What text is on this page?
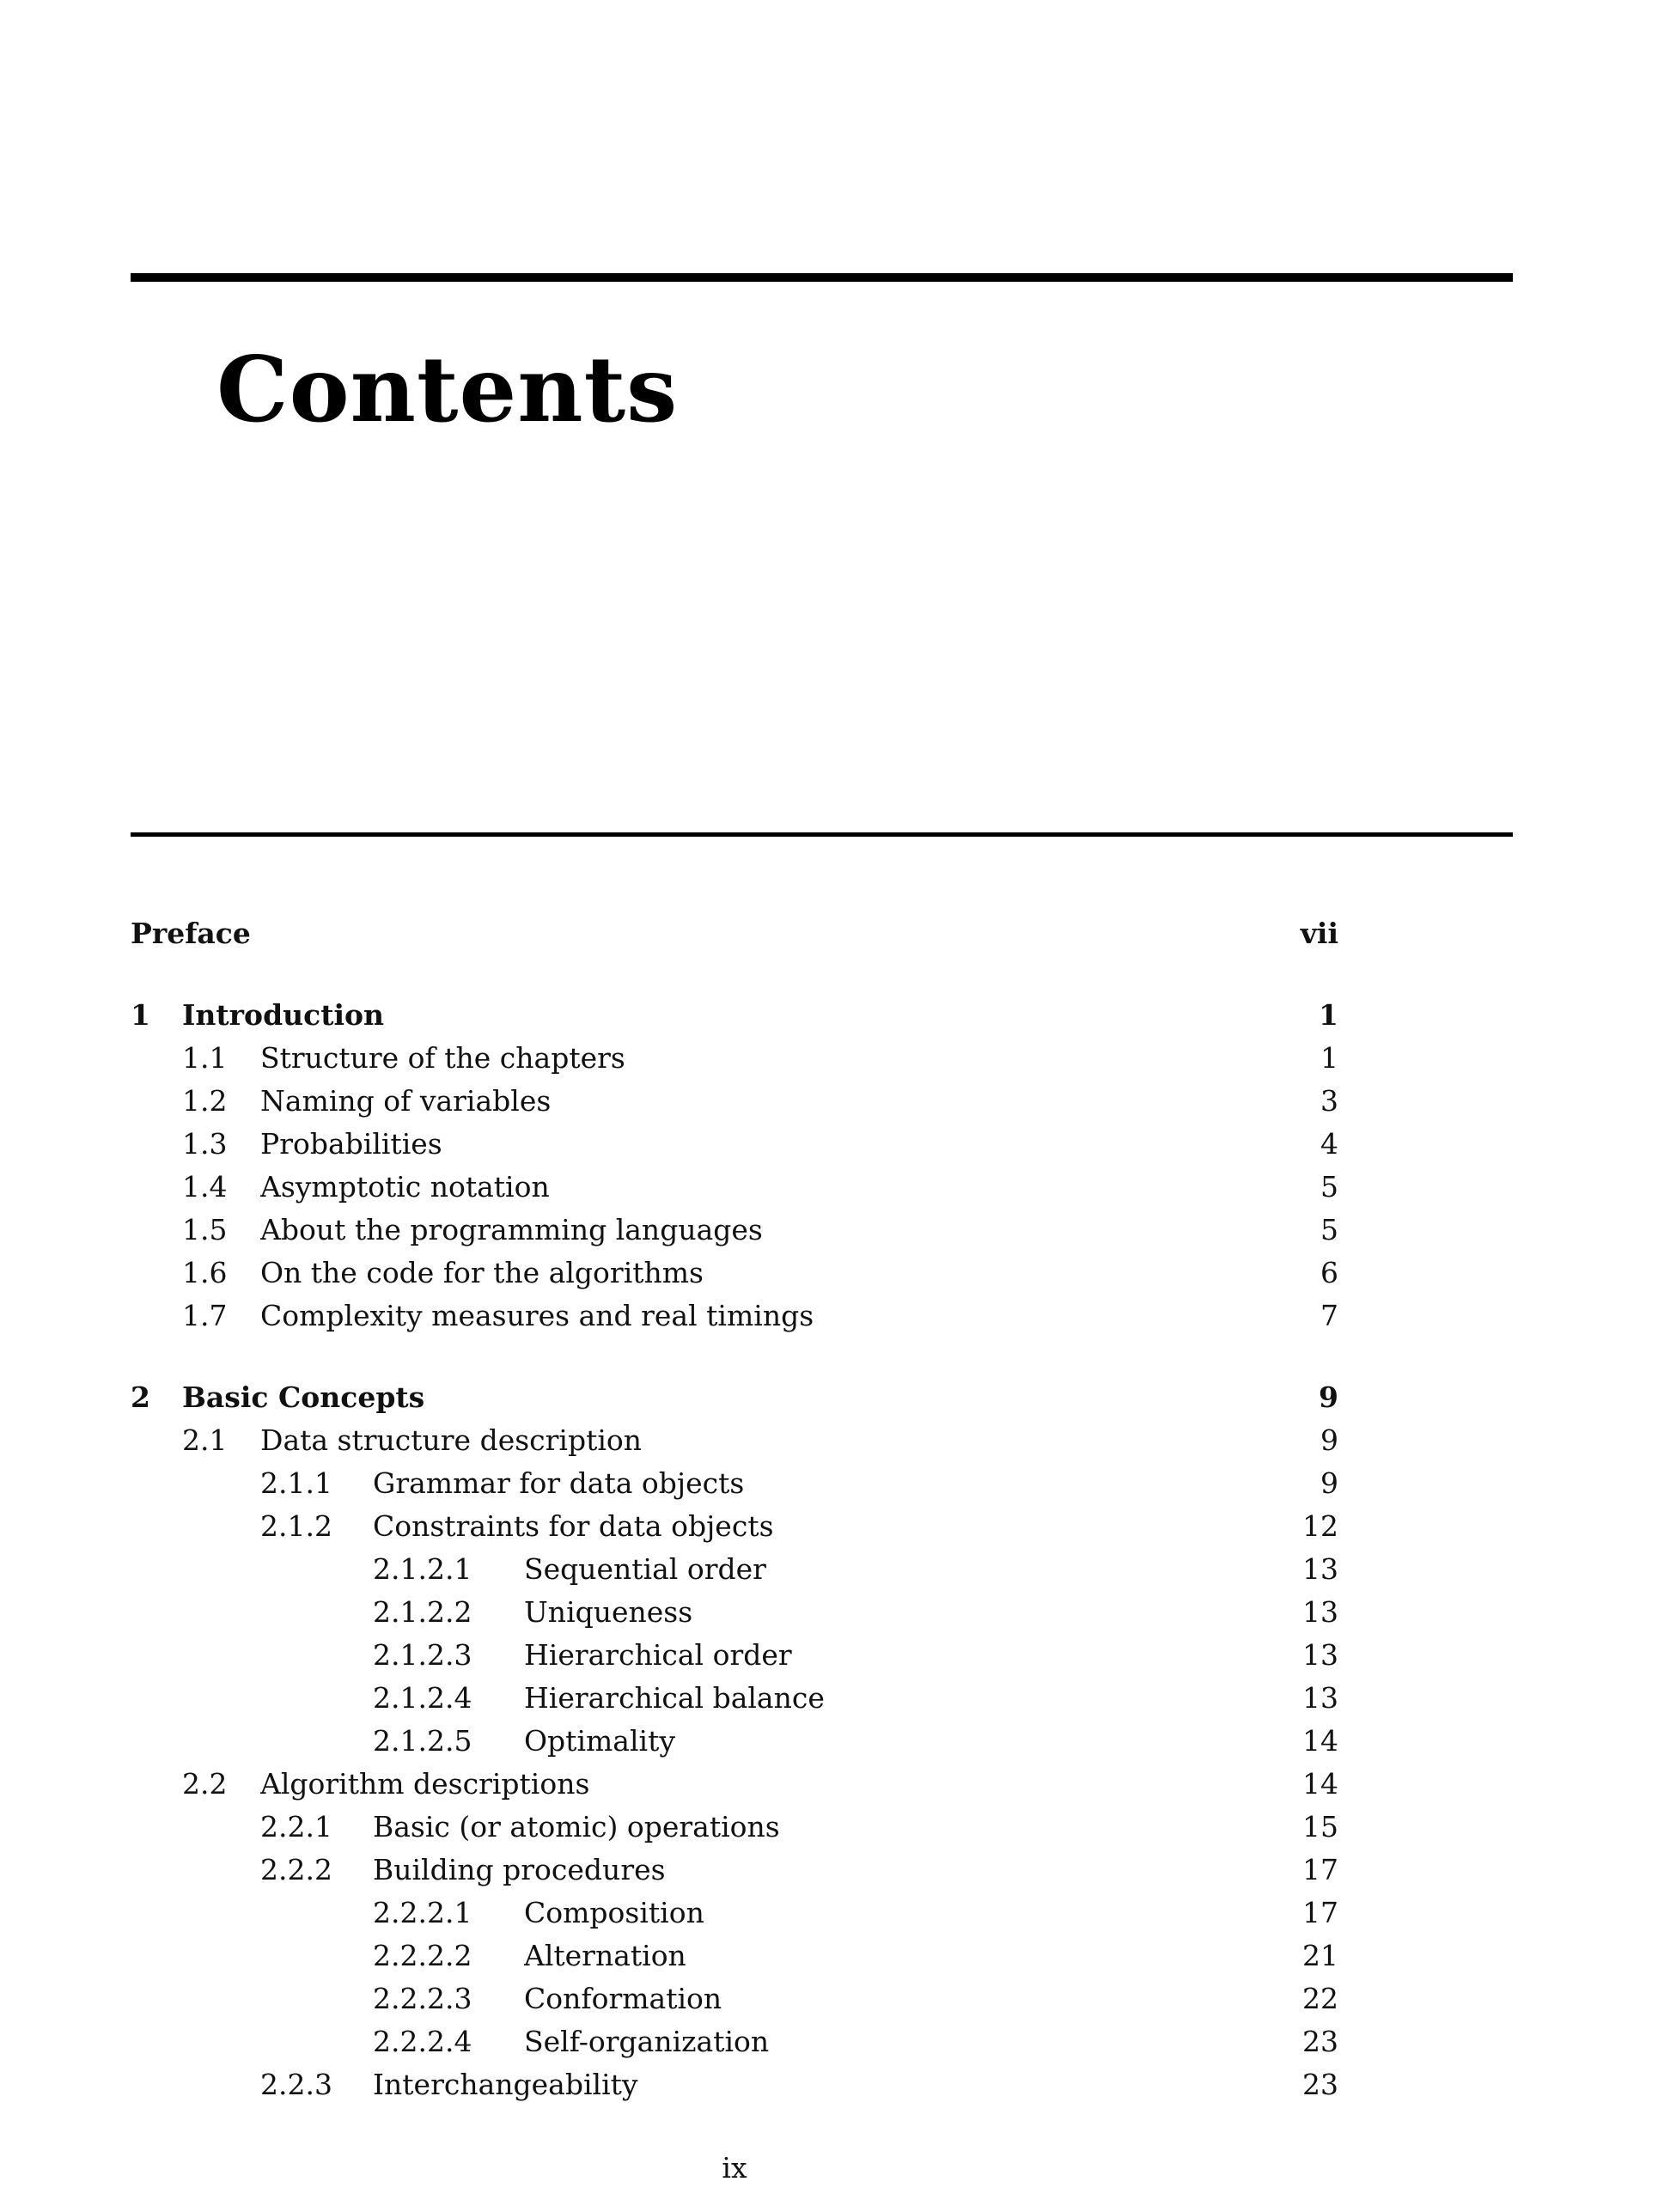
Contents
Preface	vii
1	Introduction	1
1.1	Structure of the chapters	1
1.2	Naming of variables	3
1.3	Probabilities	4
1.4	Asymptotic notation	5
1.5	About the programming languages	5
1.6	On the code for the algorithms	6
1.7	Complexity measures and real timings	7
2	Basic Concepts	9
2.1	Data structure description	9
2.1.1	Grammar for data objects	9
2.1.2	Constraints for data objects	12
2.1.2.1	Sequential order	13
2.1.2.2	Uniqueness	13
2.1.2.3	Hierarchical order	13
2.1.2.4	Hierarchical balance	13
2.1.2.5	Optimality	14
2.2	Algorithm descriptions	14
2.2.1	Basic (or atomic) operations	15
2.2.2	Building procedures	17
2.2.2.1	Composition	17
2.2.2.2	Alternation	21
2.2.2.3	Conformation	22
2.2.2.4	Self-organization	23
2.2.3	Interchangeability	23
ix
